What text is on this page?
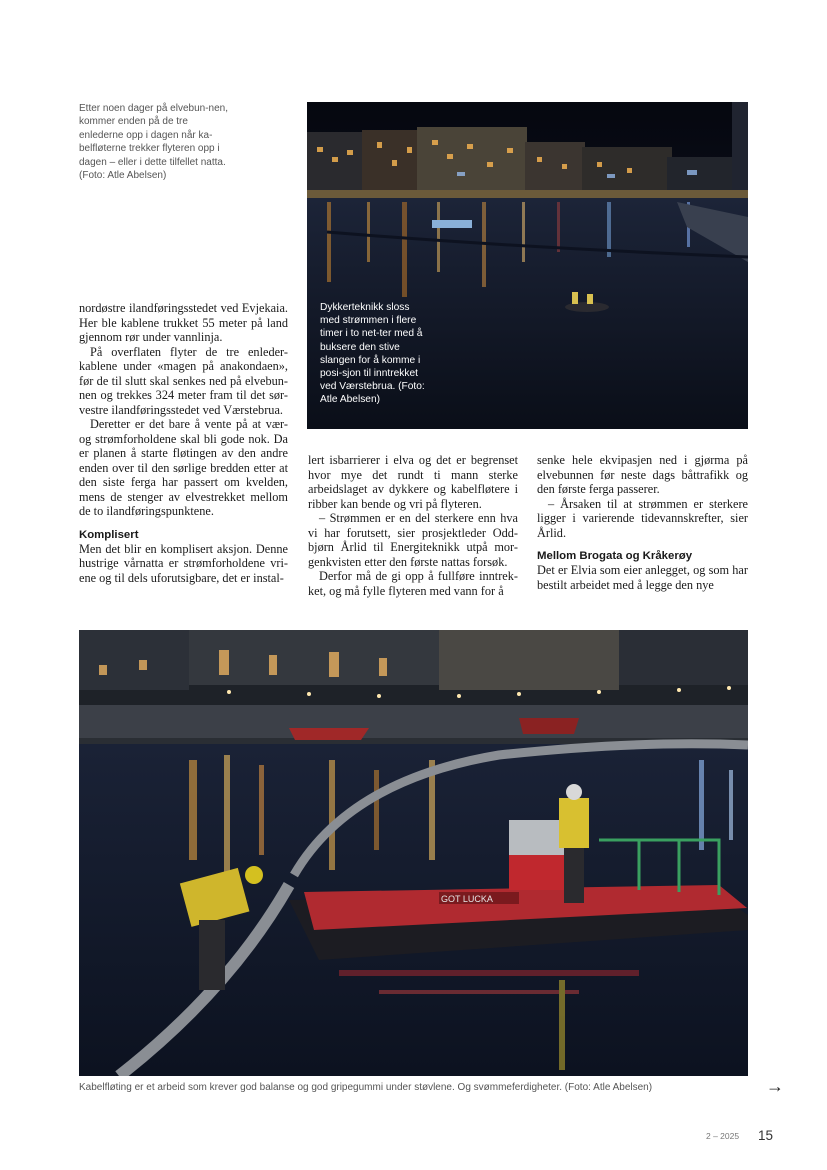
Etter noen dager på elvebun-nen, kommer enden på de tre enlederne opp i dagen når ka-belfløterne trekker flyteren opp i dagen – eller i dette tilfellet natta. (Foto: Atle Abelsen)

Dykkerteknikk sloss med strømmen i flere timer i to net-ter med å buksere den stive slangen for å komme i posi-sjon til inntrekket ved Værstebrua. (Foto: Atle Abelsen)

nordøstre ilandføringsstedet ved Evjekaia. Her ble kablene trukket 55 meter på land gjennom rør under vannlinja.

På overflaten flyter de tre enleder-kablene under «magen på anakondaen», før de til slutt skal senkes ned på elvebun-nen og trekkes 324 meter fram til det sør-vestre ilandføringsstedet ved Værstebrua.

Deretter er det bare å vente på at vær- og strømforholdene skal bli gode nok. Da er planen å starte fløtingen av den andre enden over til den sørlige bredden etter at den siste ferga har passert om kvelden, mens de stenger av elvestrekket mellom de to ilandføringspunktene.

Komplisert

Men det blir en komplisert aksjon. Denne hustrige vårnatta er strømforholdene vri-ene og til dels uforutsigbare, det er instal-

lert isbarrierer i elva og det er begrenset hvor mye det rundt ti mann sterke arbeidslaget av dykkere og kabelfløtere i ribber kan bende og vri på flyteren.

– Strømmen er en del sterkere enn hva vi har forutsett, sier prosjektleder Odd-bjørn Årlid til Energiteknikk utpå mor-genkvisten etter den første nattas forsøk.

Derfor må de gi opp å fullføre inntrek-ket, og må fylle flyteren med vann for å

senke hele ekvipasjen ned i gjørma på elvebunnen før neste dags båttrafikk og den første ferga passerer.

– Årsaken til at strømmen er sterkere ligger i varierende tidevannskrefter, sier Årlid.

Mellom Brogata og Kråkerøy

Det er Elvia som eier anlegget, og som har bestilt arbeidet med å legge den nye

GOT LUCKA
Kabelfløting er et arbeid som krever god balanse og god gripegummi under støvlene. Og svømmeferdigheter. (Foto: Atle Abelsen)	→
2 – 2025 15
